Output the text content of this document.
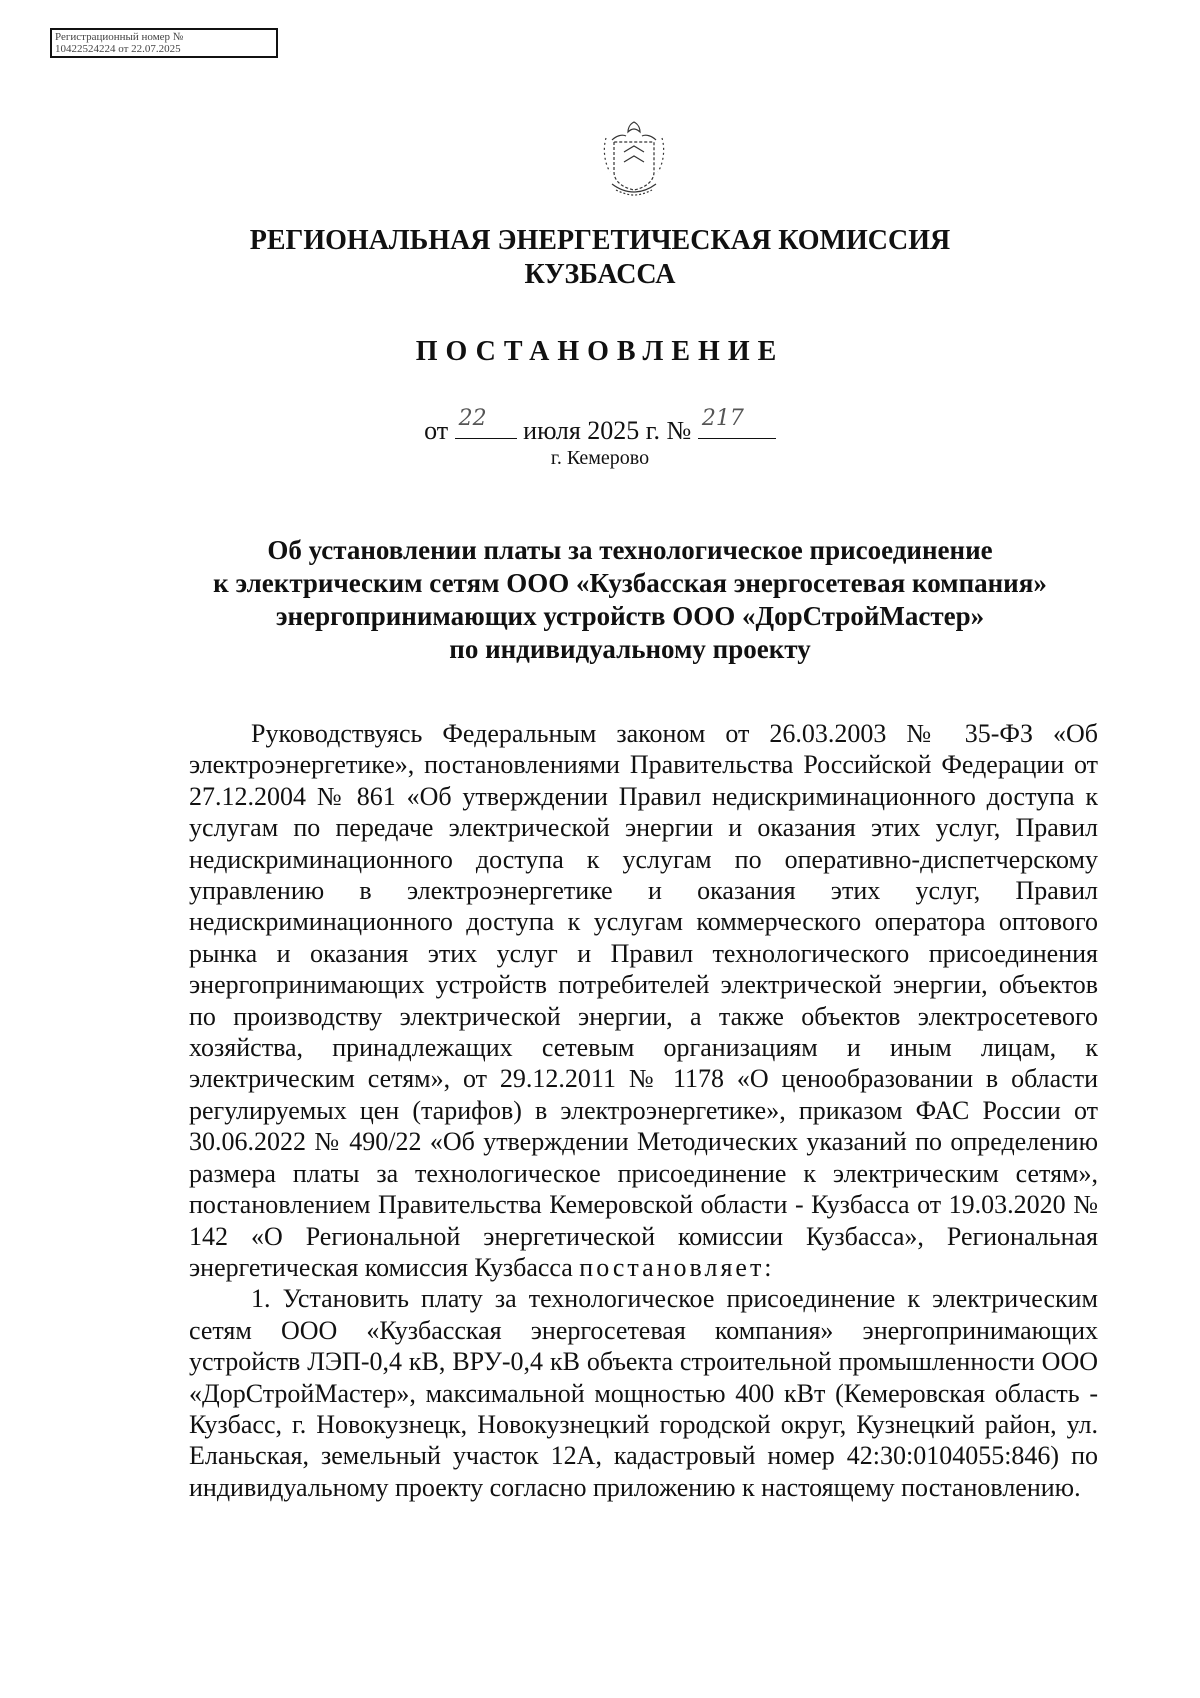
Регистрационный номер №
10422524224 от 22.07.2025
РЕГИОНАЛЬНАЯ ЭНЕРГЕТИЧЕСКАЯ КОМИССИЯ
КУЗБАССА
ПОСТАНОВЛЕНИЕ
от 22 июля 2025 г. № 217
г. Кемерово
Об установлении платы за технологическое присоединение
к электрическим сетям ООО «Кузбасская энергосетевая компания»
энергопринимающих устройств ООО «ДорСтройМастер»
по индивидуальному проекту

Руководствуясь Федеральным законом от 26.03.2003 № 35-ФЗ «Об электроэнергетике», постановлениями Правительства Российской Федерации от 27.12.2004 № 861 «Об утверждении Правил недискриминационного доступа к услугам по передаче электрической энергии и оказания этих услуг, Правил недискриминационного доступа к услугам по оперативно-диспетчерскому управлению в электроэнергетике и оказания этих услуг, Правил недискриминационного доступа к услугам коммерческого оператора оптового рынка и оказания этих услуг и Правил технологического присоединения энергопринимающих устройств потребителей электрической энергии, объектов по производству электрической энергии, а также объектов электросетевого хозяйства, принадлежащих сетевым организациям и иным лицам, к электрическим сетям», от 29.12.2011 № 1178 «О ценообразовании в области регулируемых цен (тарифов) в электроэнергетике», приказом ФАС России от 30.06.2022 № 490/22 «Об утверждении Методических указаний по определению размера платы за технологическое присоединение к электрическим сетям», постановлением Правительства Кемеровской области - Кузбасса от 19.03.2020 № 142 «О Региональной энергетической комиссии Кузбасса», Региональная энергетическая комиссия Кузбасса постановляет:

1. Установить плату за технологическое присоединение к электрическим сетям ООО «Кузбасская энергосетевая компания» энергопринимающих устройств ЛЭП-0,4 кВ, ВРУ-0,4 кВ объекта строительной промышленности ООО «ДорСтройМастер», максимальной мощностью 400 кВт (Кемеровская область - Кузбасс, г. Новокузнецк, Новокузнецкий городской округ, Кузнецкий район, ул. Еланьская, земельный участок 12А, кадастровый номер 42:30:0104055:846) по индивидуальному проекту согласно приложению к настоящему постановлению.
